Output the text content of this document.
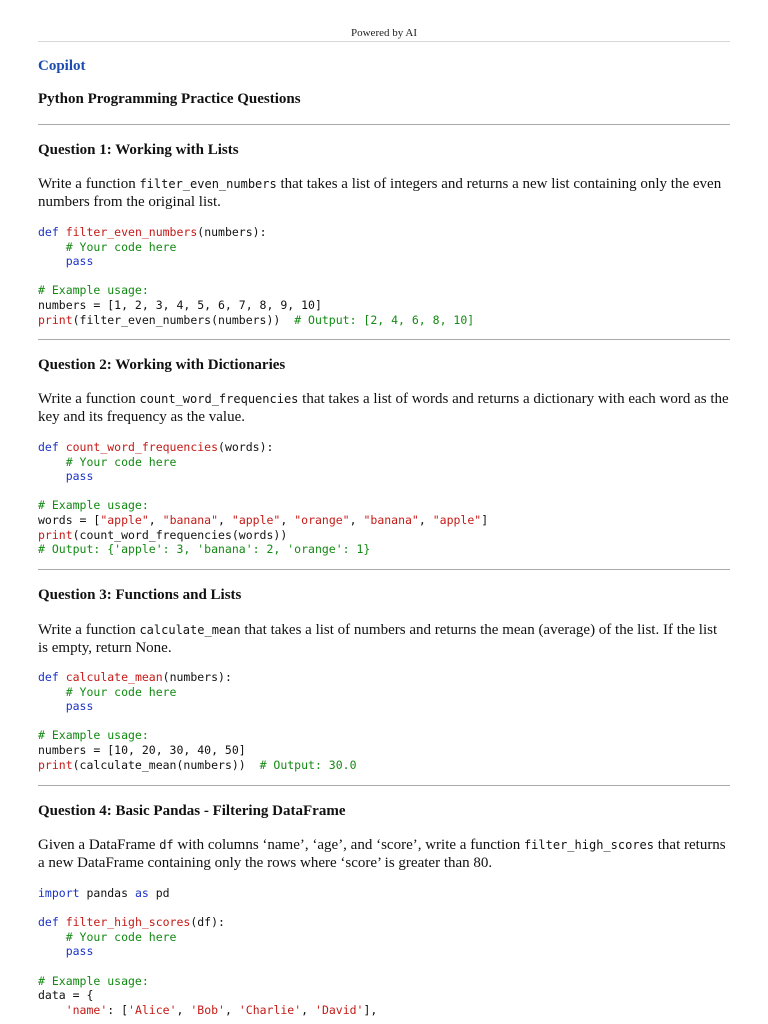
Powered by AI
Copilot
Python Programming Practice Questions
Question 1: Working with Lists
Write a function filter_even_numbers that takes a list of integers and returns a new list containing only the even numbers from the original list.
def filter_even_numbers(numbers):
# Your code here
pass

# Example usage:
numbers = [1, 2, 3, 4, 5, 6, 7, 8, 9, 10]
print(filter_even_numbers(numbers))  # Output: [2, 4, 6, 8, 10]
Question 2: Working with Dictionaries
Write a function count_word_frequencies that takes a list of words and returns a dictionary with each word as the key and its frequency as the value.
def count_word_frequencies(words):
# Your code here
pass

# Example usage:
words = ["apple", "banana", "apple", "orange", "banana", "apple"]
print(count_word_frequencies(words))
# Output: {'apple': 3, 'banana': 2, 'orange': 1}
Question 3: Functions and Lists
Write a function calculate_mean that takes a list of numbers and returns the mean (average) of the list. If the list is empty, return None.
def calculate_mean(numbers):
# Your code here
pass

# Example usage:
numbers = [10, 20, 30, 40, 50]
print(calculate_mean(numbers))  # Output: 30.0
Question 4: Basic Pandas - Filtering DataFrame
Given a DataFrame df with columns ‘name’, ‘age’, and ‘score’, write a function filter_high_scores that returns a new DataFrame containing only the rows where ‘score’ is greater than 80.
import pandas as pd

def filter_high_scores(df):
# Your code here
pass

# Example usage:
data = {
'name': ['Alice', 'Bob', 'Charlie', 'David'],
